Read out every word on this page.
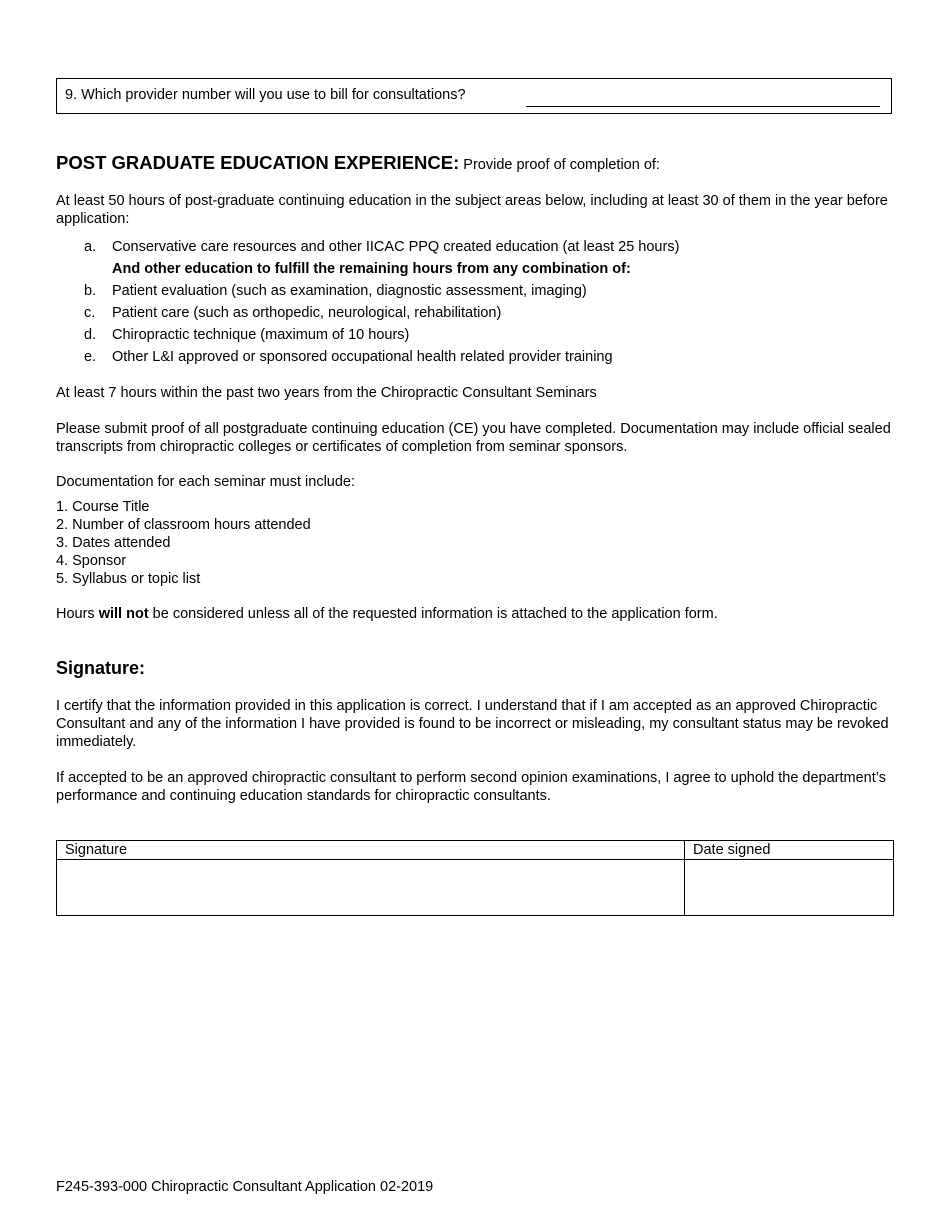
9. Which provider number will you use to bill for consultations?
POST GRADUATE EDUCATION EXPERIENCE: Provide proof of completion of:
At least 50 hours of post-graduate continuing education in the subject areas below, including at least 30 of them in the year before application:
a. Conservative care resources and other IICAC PPQ created education (at least 25 hours)
And other education to fulfill the remaining hours from any combination of:
b. Patient evaluation (such as examination, diagnostic assessment, imaging)
c. Patient care (such as orthopedic, neurological, rehabilitation)
d. Chiropractic technique (maximum of 10 hours)
e. Other L&I approved or sponsored occupational health related provider training
At least 7 hours within the past two years from the Chiropractic Consultant Seminars
Please submit proof of all postgraduate continuing education (CE) you have completed. Documentation may include official sealed transcripts from chiropractic colleges or certificates of completion from seminar sponsors.
Documentation for each seminar must include:
1. Course Title
2. Number of classroom hours attended
3. Dates attended
4. Sponsor
5. Syllabus or topic list
Hours will not be considered unless all of the requested information is attached to the application form.
Signature:
I certify that the information provided in this application is correct. I understand that if I am accepted as an approved Chiropractic Consultant and any of the information I have provided is found to be incorrect or misleading, my consultant status may be revoked immediately.
If accepted to be an approved chiropractic consultant to perform second opinion examinations, I agree to uphold the department’s performance and continuing education standards for chiropractic consultants.
Signature	Date signed
F245-393-000 Chiropractic Consultant Application 02-2019
